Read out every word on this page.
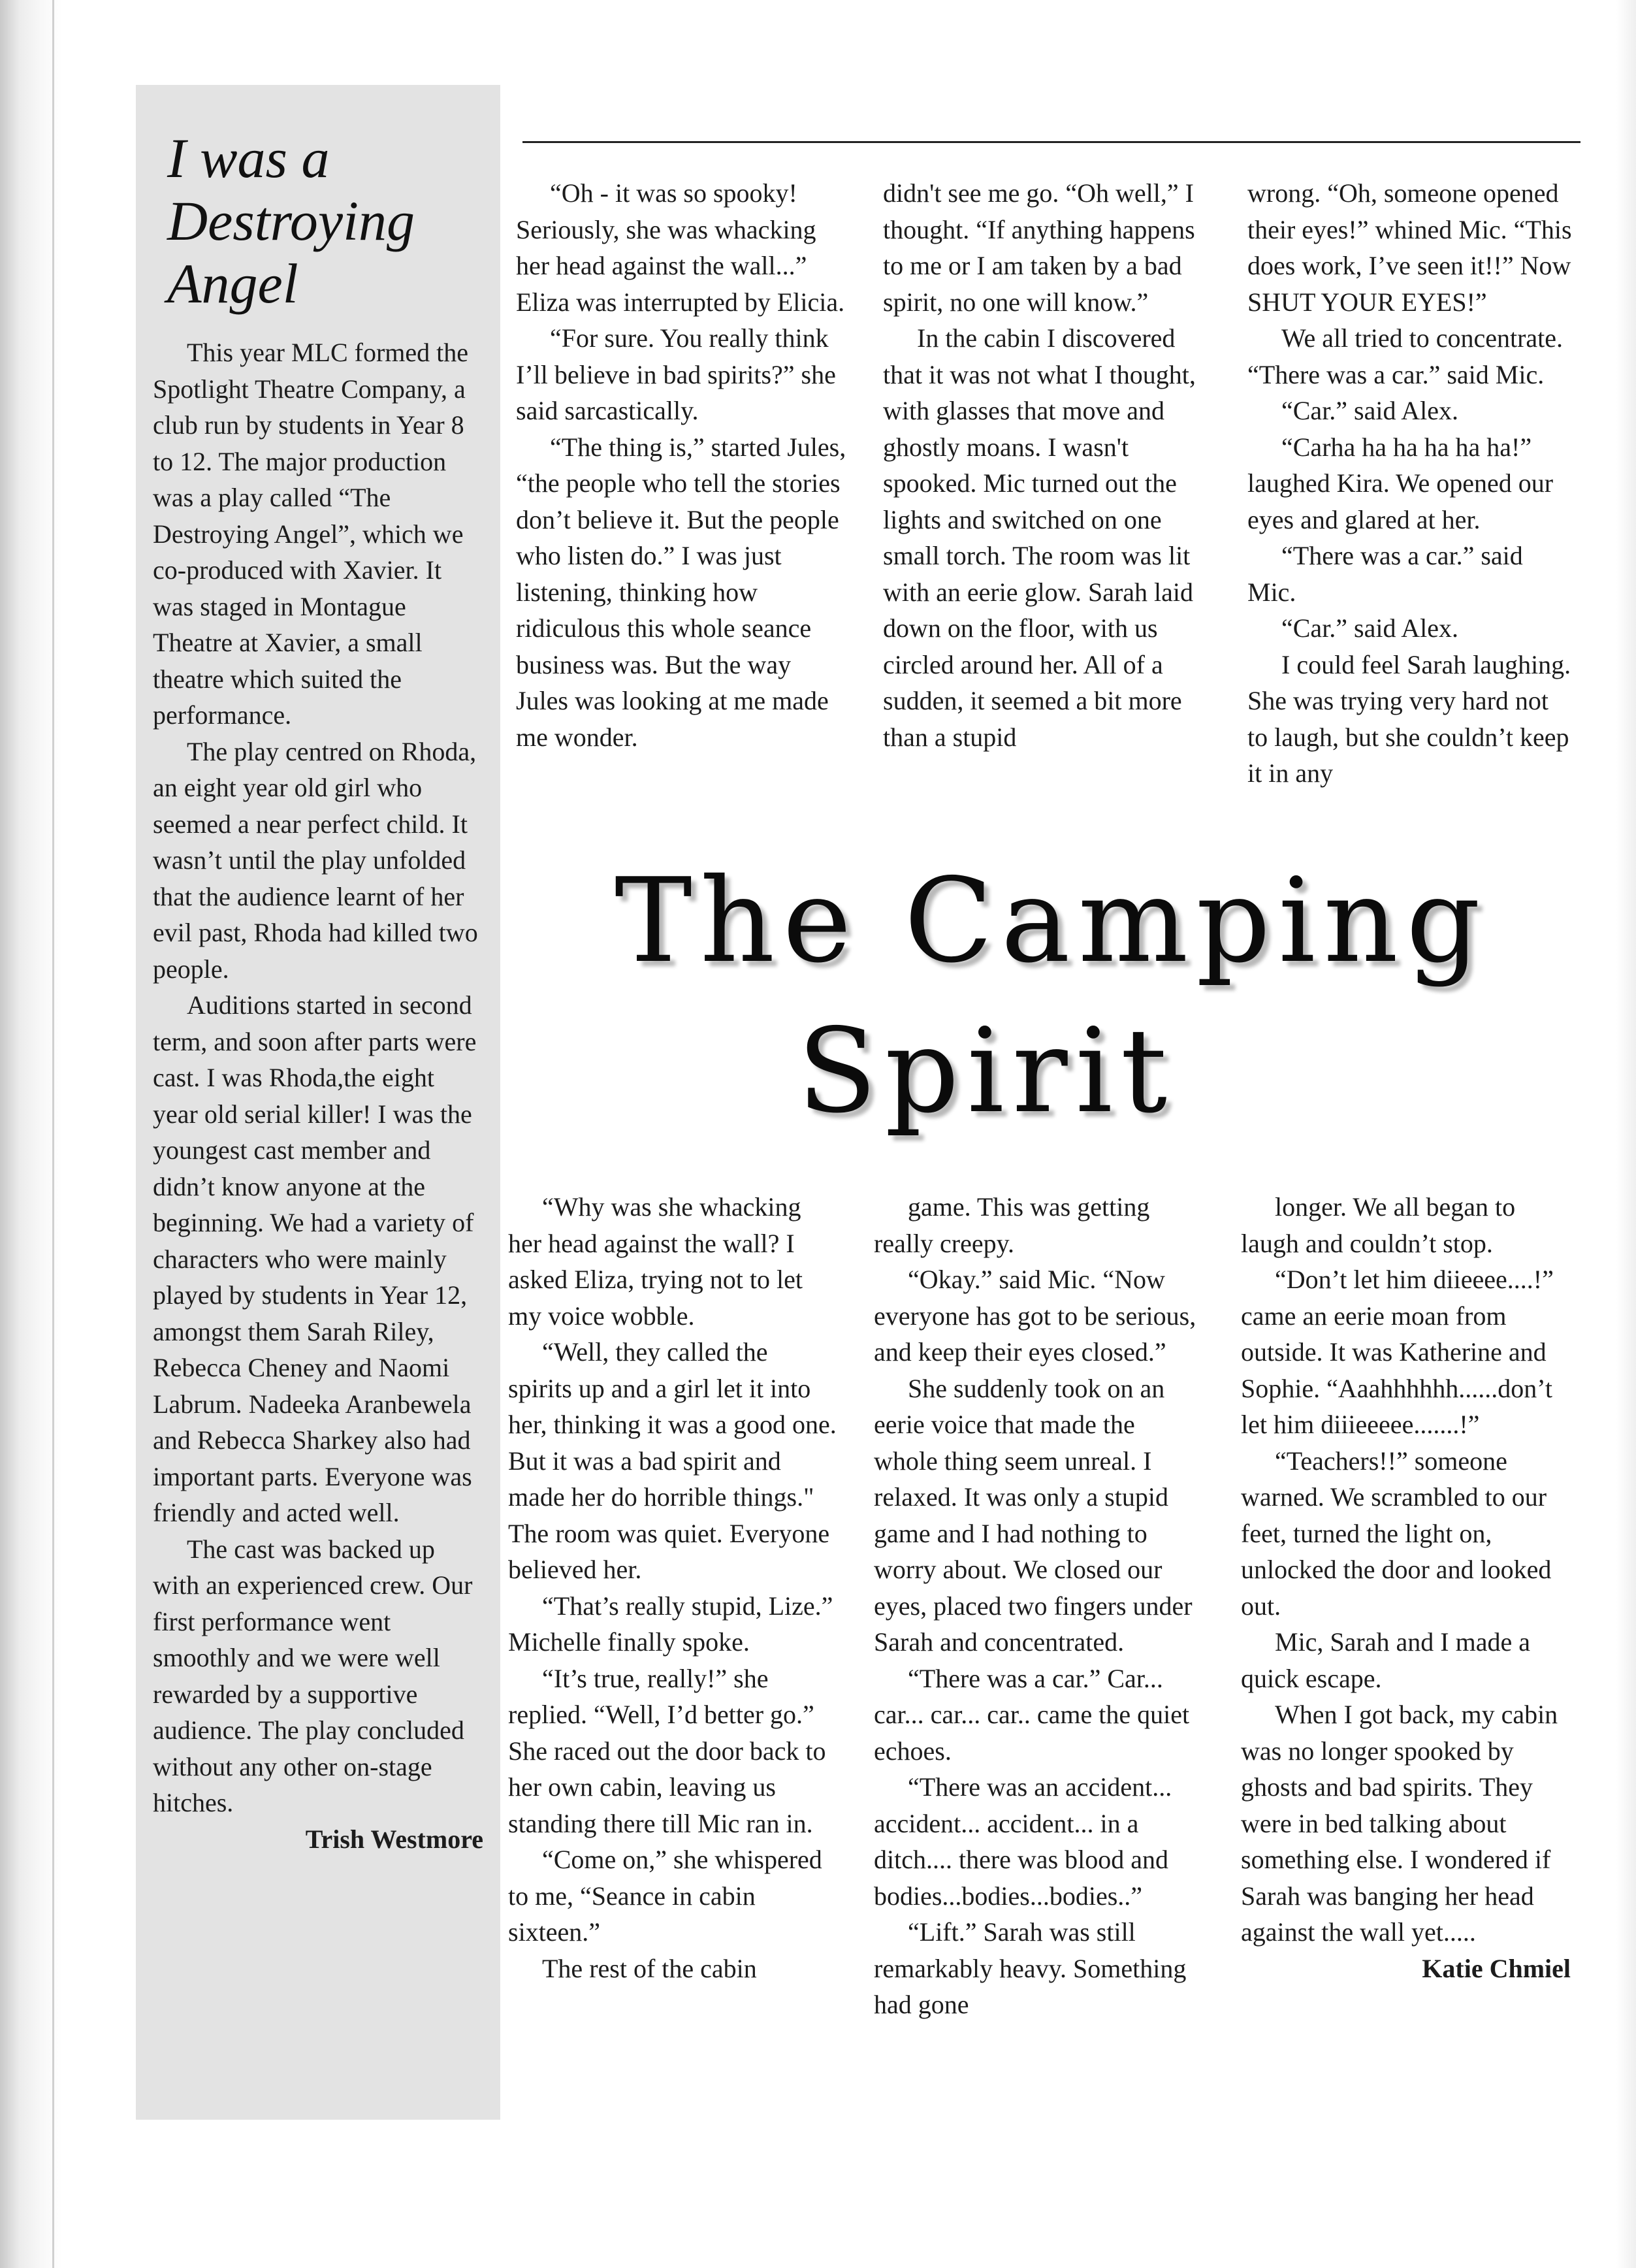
I was a
Destroying
Angel

This year MLC formed the Spotlight Theatre Company, a club run by students in Year 8 to 12. The major production was a play called “The Destroying Angel”, which we co-produced with Xavier. It was staged in Montague Theatre at Xavier, a small theatre which suited the performance.

The play centred on Rhoda, an eight year old girl who seemed a near perfect child. It wasn’t until the play unfolded that the audience learnt of her evil past, Rhoda had killed two people.

Auditions started in second term, and soon after parts were cast. I was Rhoda,the eight year old serial killer! I was the youngest cast member and didn’t know anyone at the beginning. We had a variety of characters who were mainly played by students in Year 12, amongst them Sarah Riley, Rebecca Cheney and Naomi Labrum. Nadeeka Aranbewela and Rebecca Sharkey also had important parts. Everyone was friendly and acted well.

The cast was backed up with an experienced crew. Our first performance went smoothly and we were well rewarded by a supportive audience. The play concluded without any other on-stage hitches.

Trish Westmore

“Oh - it was so spooky! Seriously, she was whacking her head against the wall...” Eliza was interrupted by Elicia.

“For sure. You really think I’ll believe in bad spirits?” she said sarcastically.

“The thing is,” started Jules, “the people who tell the stories don’t believe it. But the people who listen do.” I was just listening, thinking how ridiculous this whole seance business was. But the way Jules was looking at me made me wonder.

didn't see me go. “Oh well,” I thought. “If anything happens to me or I am taken by a bad spirit, no one will know.”

In the cabin I discovered that it was not what I thought, with glasses that move and ghostly moans. I wasn't spooked. Mic turned out the lights and switched on one small torch. The room was lit with an eerie glow. Sarah laid down on the floor, with us circled around her. All of a sudden, it seemed a bit more than a stupid

wrong. “Oh, someone opened their eyes!” whined Mic. “This does work, I’ve seen it!!” Now SHUT YOUR EYES!”

We all tried to concentrate. “There was a car.” said Mic.

“Car.” said Alex.

“Carha ha ha ha ha ha!” laughed Kira. We opened our eyes and glared at her.

“There was a car.” said Mic.

“Car.” said Alex.

I could feel Sarah laughing. She was trying very hard not to laugh, but she couldn’t keep it in any

The Camping
Spirit

“Why was she whacking her head against the wall? I asked Eliza, trying not to let my voice wobble.

“Well, they called the spirits up and a girl let it into her, thinking it was a good one. But it was a bad spirit and made her do horrible things." The room was quiet. Everyone believed her.

“That’s really stupid, Lize.” Michelle finally spoke.

“It’s true, really!” she replied. “Well, I’d better go.” She raced out the door back to her own cabin, leaving us standing there till Mic ran in.

“Come on,” she whispered to me, “Seance in cabin sixteen.”

The rest of the cabin

game. This was getting really creepy.

“Okay.” said Mic. “Now everyone has got to be serious, and keep their eyes closed.”

She suddenly took on an eerie voice that made the whole thing seem unreal. I relaxed. It was only a stupid game and I had nothing to worry about. We closed our eyes, placed two fingers under Sarah and concentrated.

“There was a car.” Car... car... car... car.. came the quiet echoes.

“There was an accident... accident... accident... in a ditch.... there was blood and bodies...bodies...bodies..”

“Lift.” Sarah was still remarkably heavy. Something had gone

longer. We all began to laugh and couldn’t stop.

“Don’t let him diieeee....!” came an eerie moan from outside. It was Katherine and Sophie. “Aaahhhhhh......don’t let him diiieeeee.......!”

“Teachers!!” someone warned. We scrambled to our feet, turned the light on, unlocked the door and looked out.

Mic, Sarah and I made a quick escape.

When I got back, my cabin was no longer spooked by ghosts and bad spirits. They were in bed talking about something else. I wondered if Sarah was banging her head against the wall yet.....

Katie Chmiel
